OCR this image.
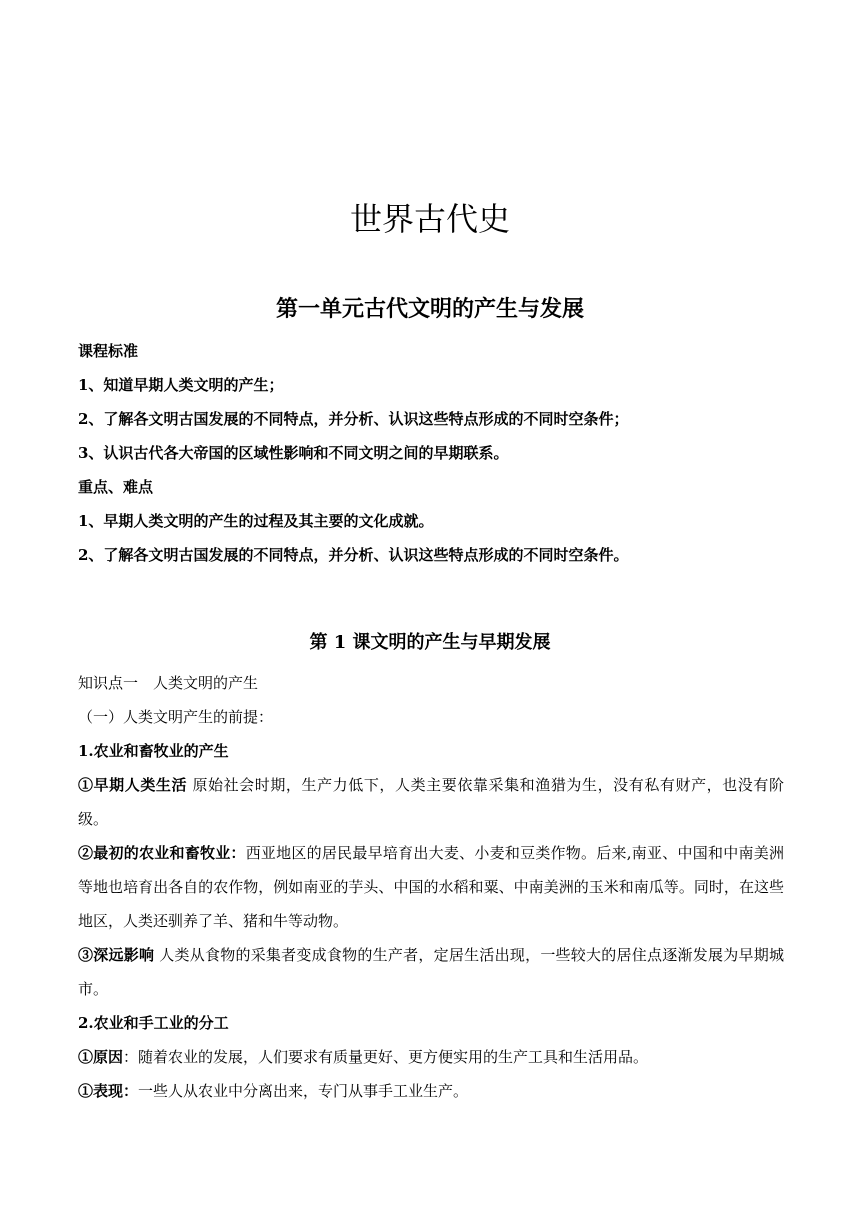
世界古代史
第一单元古代文明的产生与发展
课程标准
1、知道早期人类文明的产生；
2、了解各文明古国发展的不同特点，并分析、认识这些特点形成的不同时空条件；
3、认识古代各大帝国的区域性影响和不同文明之间的早期联系。
重点、难点
1、早期人类文明的产生的过程及其主要的文化成就。
2、了解各文明古国发展的不同特点，并分析、认识这些特点形成的不同时空条件。
第 1 课文明的产生与早期发展
知识点一　人类文明的产生
（一）人类文明产生的前提：
1.农业和畜牧业的产生
①早期人类生活 原始社会时期，生产力低下，人类主要依靠采集和渔猎为生，没有私有财产，也没有阶级。
②最初的农业和畜牧业：西亚地区的居民最早培育出大麦、小麦和豆类作物。后来,南亚、中国和中南美洲等地也培育出各自的农作物，例如南亚的芋头、中国的水稻和粟、中南美洲的玉米和南瓜等。同时，在这些地区，人类还驯养了羊、猪和牛等动物。
③深远影响 人类从食物的采集者变成食物的生产者，定居生活出现，一些较大的居住点逐渐发展为早期城市。
2.农业和手工业的分工
①原因：随着农业的发展，人们要求有质量更好、更方便实用的生产工具和生活用品。
①表现：一些人从农业中分离出来，专门从事手工业生产。
